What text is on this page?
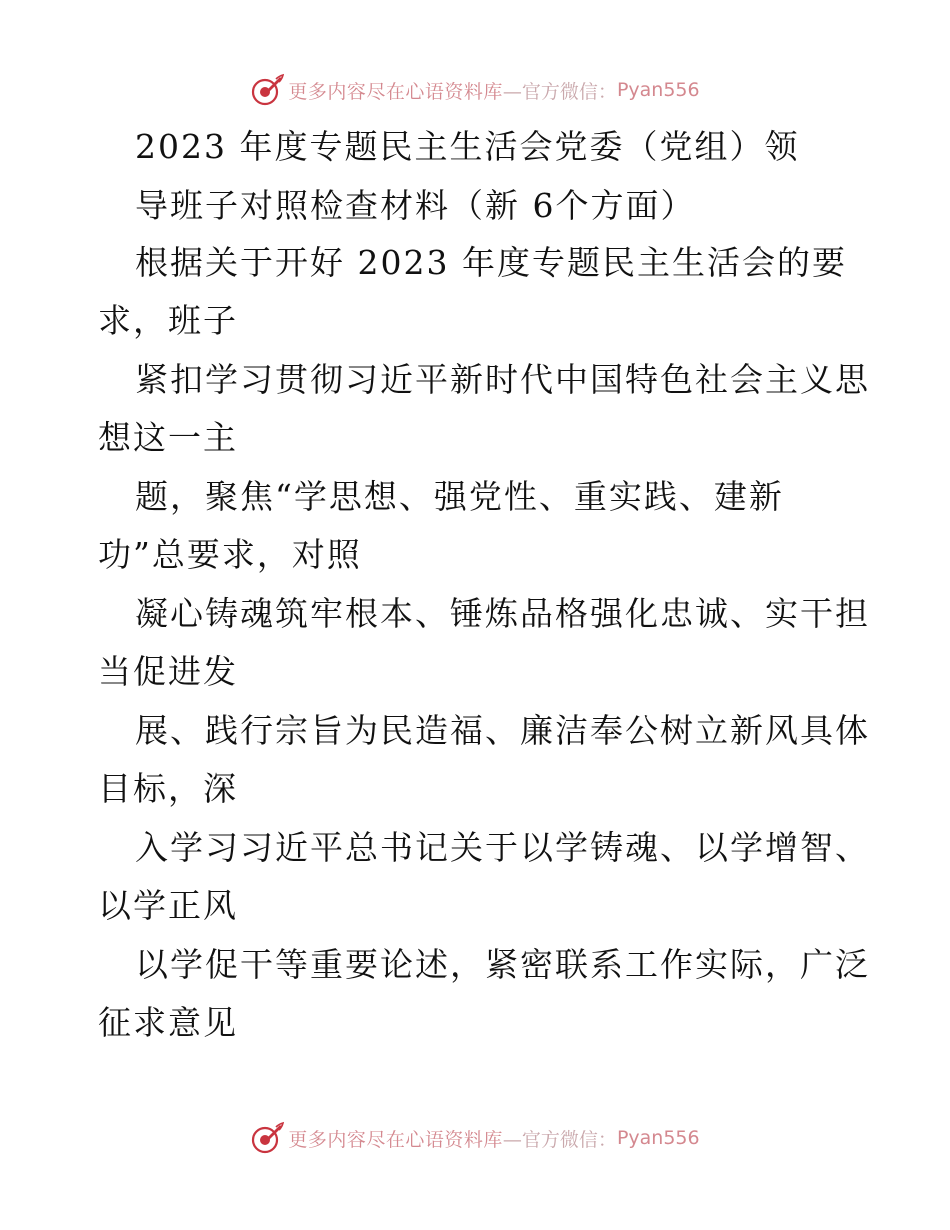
更多内容尽在心语资料库 —官方微信： Pyan556
2023 年度专题民主生活会党委（党组）领
导班子对照检查材料（新 6个方面）
根据关于开好 2023 年度专题民主生活会的要
求，班子
紧扣学习贯彻习近平新时代中国特色社会主义思
想这一主
题，聚焦“学思想、强党性、重实践、建新
功”总要求，对照
凝心铸魂筑牢根本、锤炼品格强化忠诚、实干担
当促进发
展、践行宗旨为民造福、廉洁奉公树立新风具体
目标，深
入学习习近平总书记关于以学铸魂、以学增智、
以学正风
以学促干等重要论述，紧密联系工作实际，广泛
征求意见
更多内容尽在心语资料库 —官方微信： Pyan556
